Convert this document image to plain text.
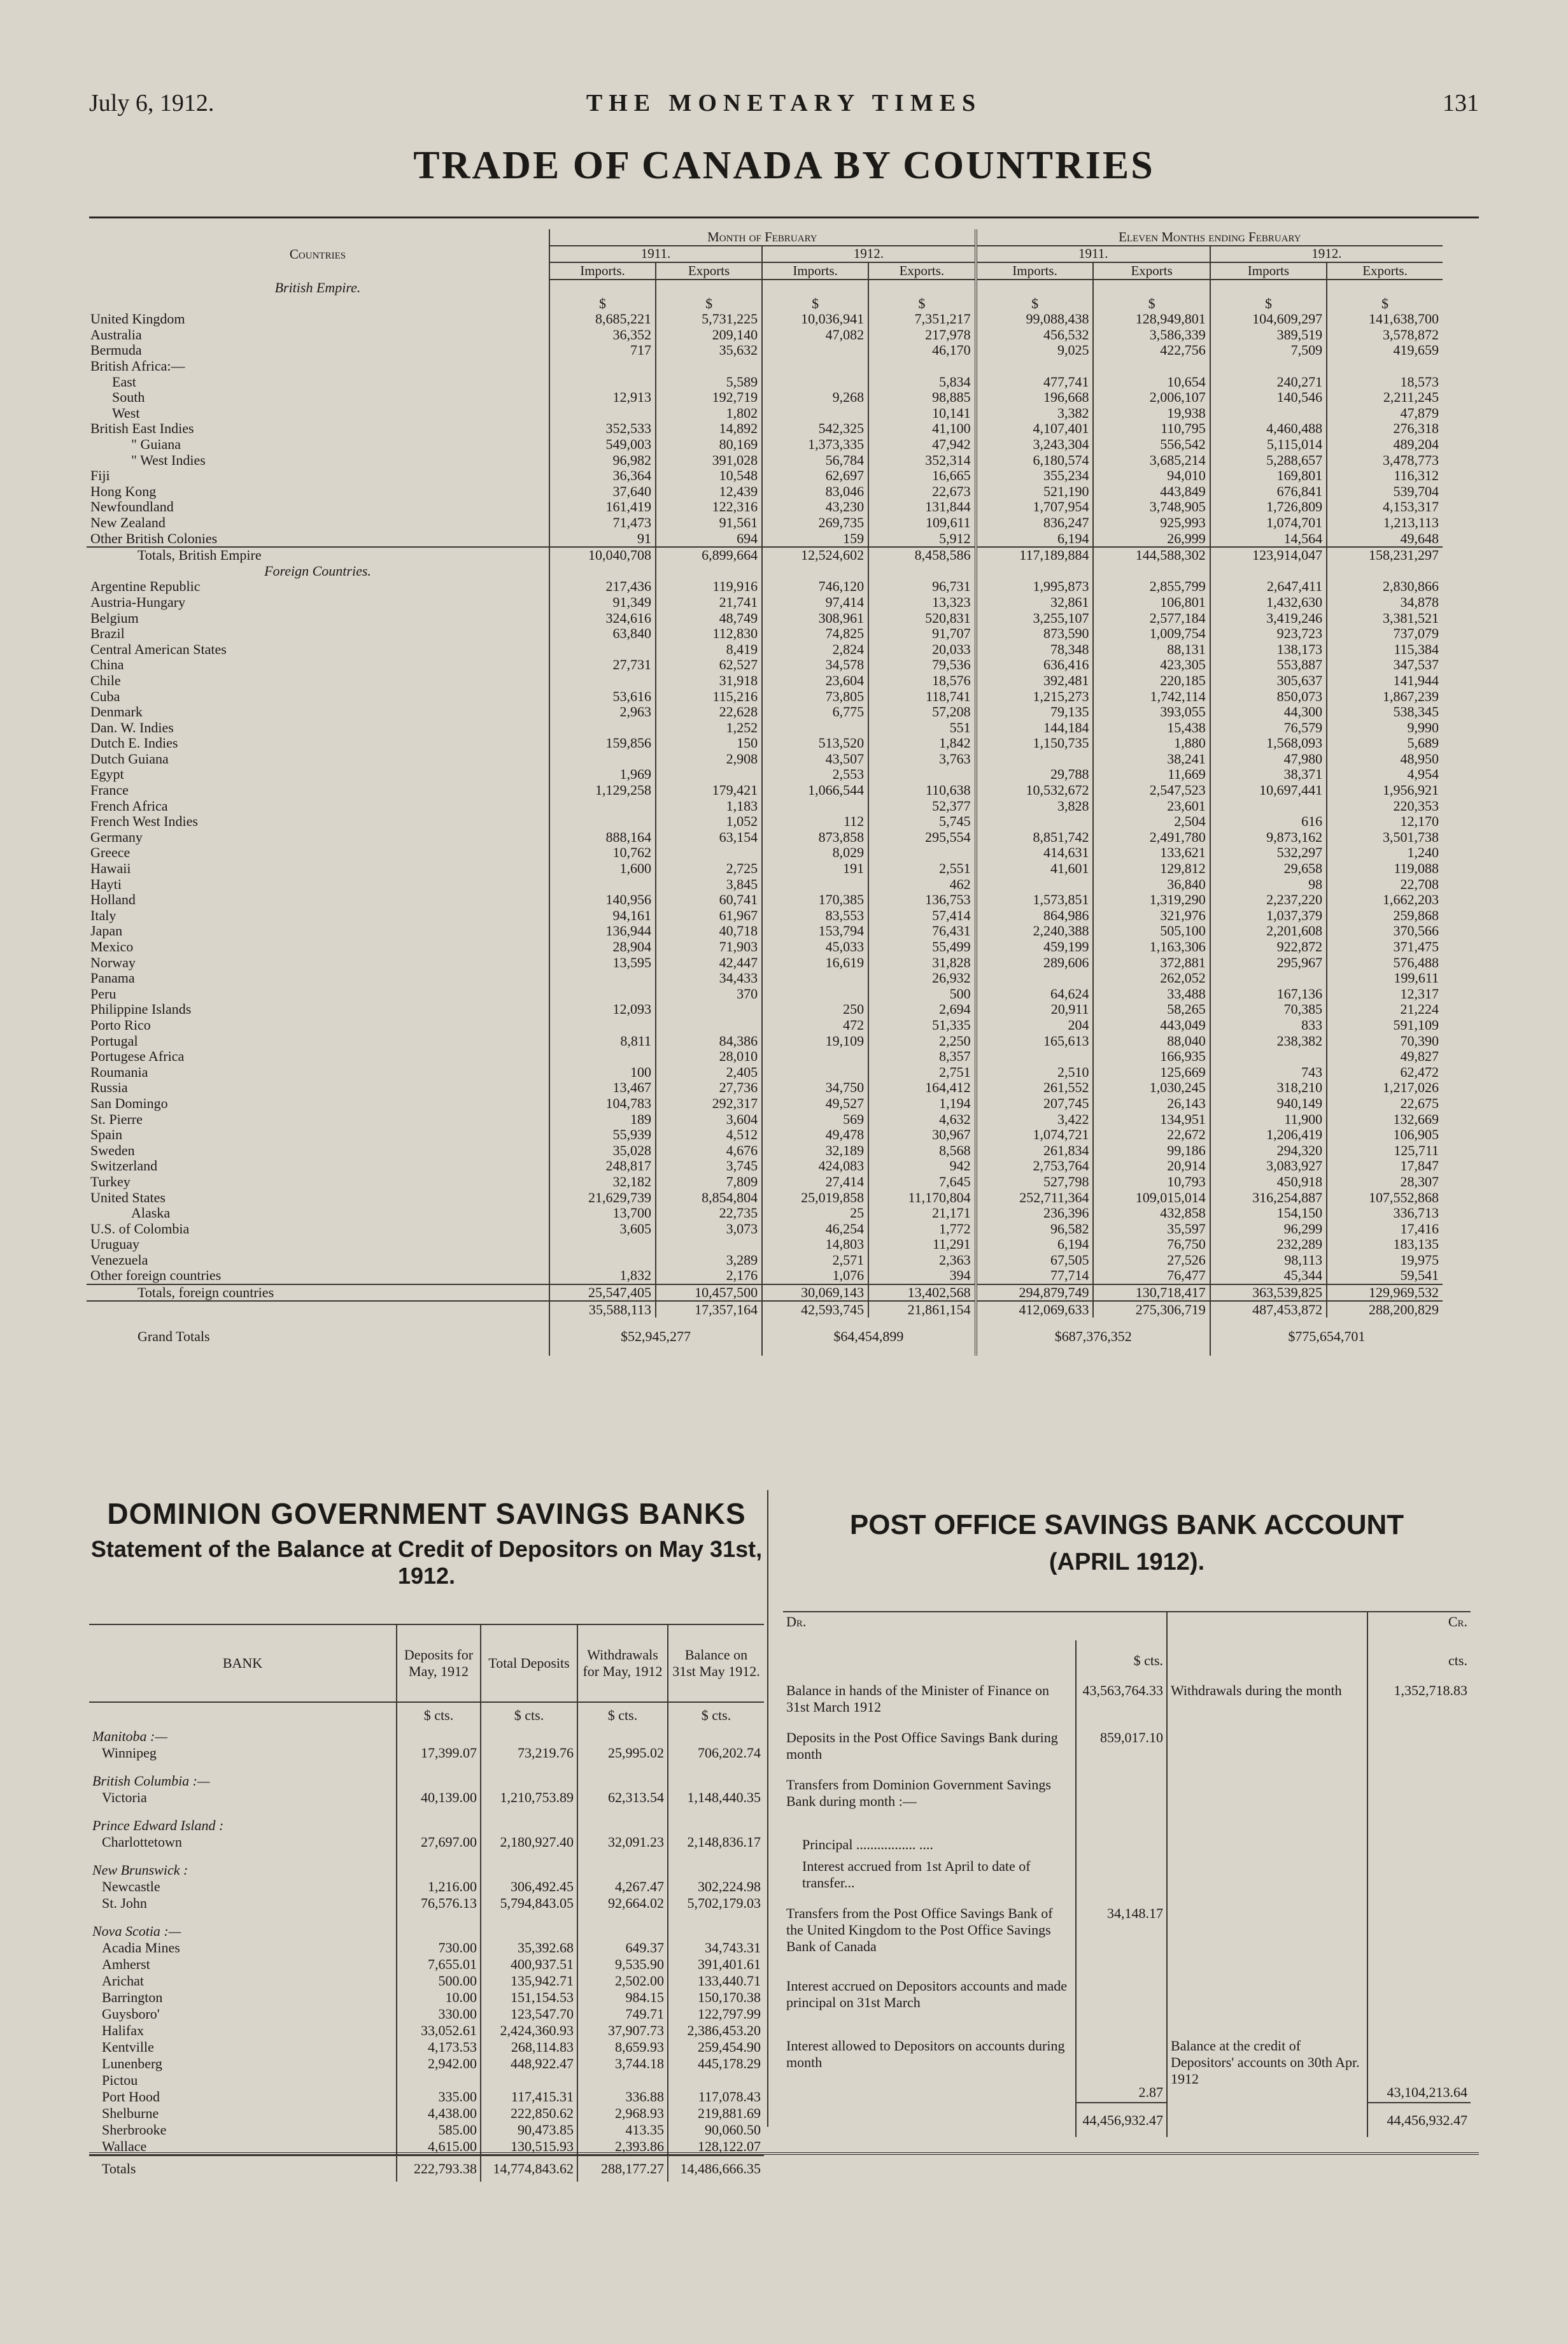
July 6, 1912.	THE MONETARY TIMES	131
TRADE OF CANADA BY COUNTRIES
Countries	Month of February				Eleven Months ending February			
	1911.		1912.		1911.		1912.	
	Imports.	Exports	Imports.	Exports.	Imports.	Exports	Imports	Exports.
British Empire.								
	$	$	$	$	$	$	$	$
United Kingdom	8,685,221	5,731,225	10,036,941	7,351,217	99,088,438	128,949,801	104,609,297	141,638,700
Australia	36,352	209,140	47,082	217,978	456,532	3,586,339	389,519	3,578,872
Bermuda	717	35,632		46,170	9,025	422,756	7,509	419,659
British Africa:—								
East		5,589		5,834	477,741	10,654	240,271	18,573
South	12,913	192,719	9,268	98,885	196,668	2,006,107	140,546	2,211,245
West		1,802		10,141	3,382	19,938		47,879
British East Indies	352,533	14,892	542,325	41,100	4,107,401	110,795	4,460,488	276,318
" Guiana	549,003	80,169	1,373,335	47,942	3,243,304	556,542	5,115,014	489,204
" West Indies	96,982	391,028	56,784	352,314	6,180,574	3,685,214	5,288,657	3,478,773
Fiji	36,364	10,548	62,697	16,665	355,234	94,010	169,801	116,312
Hong Kong	37,640	12,439	83,046	22,673	521,190	443,849	676,841	539,704
Newfoundland	161,419	122,316	43,230	131,844	1,707,954	3,748,905	1,726,809	4,153,317
New Zealand	71,473	91,561	269,735	109,611	836,247	925,993	1,074,701	1,213,113
Other British Colonies	91	694	159	5,912	6,194	26,999	14,564	49,648
Totals, British Empire	10,040,708	6,899,664	12,524,602	8,458,586	117,189,884	144,588,302	123,914,047	158,231,297
Foreign Countries.								
Argentine Republic	217,436	119,916	746,120	96,731	1,995,873	2,855,799	2,647,411	2,830,866
Austria-Hungary	91,349	21,741	97,414	13,323	32,861	106,801	1,432,630	34,878
Belgium	324,616	48,749	308,961	520,831	3,255,107	2,577,184	3,419,246	3,381,521
Brazil	63,840	112,830	74,825	91,707	873,590	1,009,754	923,723	737,079
Central American States		8,419	2,824	20,033	78,348	88,131	138,173	115,384
China	27,731	62,527	34,578	79,536	636,416	423,305	553,887	347,537
Chile		31,918	23,604	18,576	392,481	220,185	305,637	141,944
Cuba	53,616	115,216	73,805	118,741	1,215,273	1,742,114	850,073	1,867,239
Denmark	2,963	22,628	6,775	57,208	79,135	393,055	44,300	538,345
Dan. W. Indies		1,252		551	144,184	15,438	76,579	9,990
Dutch E. Indies	159,856	150	513,520	1,842	1,150,735	1,880	1,568,093	5,689
Dutch Guiana		2,908	43,507	3,763		38,241	47,980	48,950
Egypt	1,969		2,553		29,788	11,669	38,371	4,954
France	1,129,258	179,421	1,066,544	110,638	10,532,672	2,547,523	10,697,441	1,956,921
French Africa		1,183		52,377	3,828	23,601		220,353
French West Indies		1,052	112	5,745		2,504	616	12,170
Germany	888,164	63,154	873,858	295,554	8,851,742	2,491,780	9,873,162	3,501,738
Greece	10,762		8,029		414,631	133,621	532,297	1,240
Hawaii	1,600	2,725	191	2,551	41,601	129,812	29,658	119,088
Hayti		3,845		462		36,840	98	22,708
Holland	140,956	60,741	170,385	136,753	1,573,851	1,319,290	2,237,220	1,662,203
Italy	94,161	61,967	83,553	57,414	864,986	321,976	1,037,379	259,868
Japan	136,944	40,718	153,794	76,431	2,240,388	505,100	2,201,608	370,566
Mexico	28,904	71,903	45,033	55,499	459,199	1,163,306	922,872	371,475
Norway	13,595	42,447	16,619	31,828	289,606	372,881	295,967	576,488
Panama		34,433		26,932		262,052		199,611
Peru		370		500	64,624	33,488	167,136	12,317
Philippine Islands	12,093		250	2,694	20,911	58,265	70,385	21,224
Porto Rico			472	51,335	204	443,049	833	591,109
Portugal	8,811	84,386	19,109	2,250	165,613	88,040	238,382	70,390
Portugese Africa		28,010		8,357		166,935		49,827
Roumania	100	2,405		2,751	2,510	125,669	743	62,472
Russia	13,467	27,736	34,750	164,412	261,552	1,030,245	318,210	1,217,026
San Domingo	104,783	292,317	49,527	1,194	207,745	26,143	940,149	22,675
St. Pierre	189	3,604	569	4,632	3,422	134,951	11,900	132,669
Spain	55,939	4,512	49,478	30,967	1,074,721	22,672	1,206,419	106,905
Sweden	35,028	4,676	32,189	8,568	261,834	99,186	294,320	125,711
Switzerland	248,817	3,745	424,083	942	2,753,764	20,914	3,083,927	17,847
Turkey	32,182	7,809	27,414	7,645	527,798	10,793	450,918	28,307
United States	21,629,739	8,854,804	25,019,858	11,170,804	252,711,364	109,015,014	316,254,887	107,552,868
Alaska	13,700	22,735	25	21,171	236,396	432,858	154,150	336,713
U.S. of Colombia	3,605	3,073	46,254	1,772	96,582	35,597	96,299	17,416
Uruguay			14,803	11,291	6,194	76,750	232,289	183,135
Venezuela		3,289	2,571	2,363	67,505	27,526	98,113	19,975
Other foreign countries	1,832	2,176	1,076	394	77,714	76,477	45,344	59,541
Totals, foreign countries	25,547,405	10,457,500	30,069,143	13,402,568	294,879,749	130,718,417	363,539,825	129,969,532
	35,588,113	17,357,164	42,593,745	21,861,154	412,069,633	275,306,719	487,453,872	288,200,829
Grand Totals	$52,945,277		$64,454,899		$687,376,352		$775,654,701	
DOMINION GOVERNMENT SAVINGS BANKS
Statement of the Balance at Credit of Depositors on May 31st, 1912.
BANK	Deposits for May, 1912	Total Deposits	Withdrawals for May, 1912	Balance on 31st May 1912.
	$ cts.	$ cts.	$ cts.	$ cts.
Manitoba :—				
Winnipeg	17,399.07	73,219.76	25,995.02	706,202.74

British Columbia :—				
Victoria	40,139.00	1,210,753.89	62,313.54	1,148,440.35

Prince Edward Island :				
Charlottetown	27,697.00	2,180,927.40	32,091.23	2,148,836.17

New Brunswick :				
Newcastle	1,216.00	306,492.45	4,267.47	302,224.98
St. John	76,576.13	5,794,843.05	92,664.02	5,702,179.03

Nova Scotia :—				
Acadia Mines	730.00	35,392.68	649.37	34,743.31
Amherst	7,655.01	400,937.51	9,535.90	391,401.61
Arichat	500.00	135,942.71	2,502.00	133,440.71
Barrington	10.00	151,154.53	984.15	150,170.38
Guysboro'	330.00	123,547.70	749.71	122,797.99
Halifax	33,052.61	2,424,360.93	37,907.73	2,386,453.20
Kentville	4,173.53	268,114.83	8,659.93	259,454.90
Lunenberg	2,942.00	448,922.47	3,744.18	445,178.29
Pictou				
Port Hood	335.00	117,415.31	336.88	117,078.43
Shelburne	4,438.00	222,850.62	2,968.93	219,881.69
Sherbrooke	585.00	90,473.85	413.35	90,060.50
Wallace	4,615.00	130,515.93	2,393.86	128,122.07
Totals	222,793.38	14,774,843.62	288,177.27	14,486,666.35
POST OFFICE SAVINGS BANK ACCOUNT
(APRIL 1912).
Dr.			Cr.
	$ cts.		cts.
Balance in hands of the Minister of Finance on 31st March 1912	43,563,764.33	Withdrawals during the month	1,352,718.83
Deposits in the Post Office Savings Bank during month	859,017.10		
Transfers from Dominion Government Savings Bank during month :—			
Principal ................. ....			
Interest accrued from 1st April to date of transfer...			
Transfers from the Post Office Savings Bank of the United Kingdom to the Post Office Savings Bank of Canada	34,148.17		
Interest accrued on Depositors accounts and made principal on 31st March			
Interest allowed to Depositors on accounts during month	2.87	Balance at the credit of Depositors' accounts on 30th Apr. 1912	43,104,213.64
	44,456,932.47		44,456,932.47
